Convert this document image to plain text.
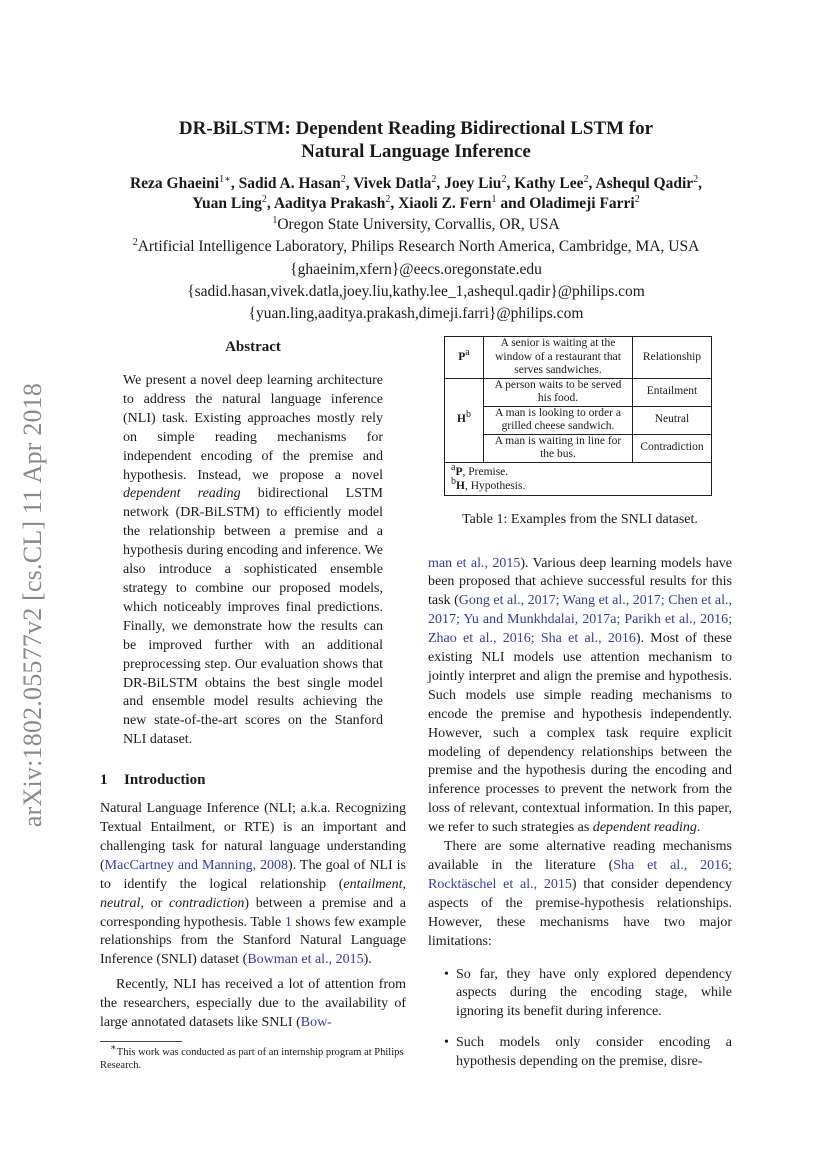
arXiv:1802.05577v2 [cs.CL] 11 Apr 2018
DR-BiLSTM: Dependent Reading Bidirectional LSTM for
Natural Language Inference
Reza Ghaeini$^{1∗}$, Sadid A. Hasan$^2$, Vivek Datla$^2$, Joey Liu$^2$, Kathy Lee$^2$, Ashequl Qadir$^2$,
Yuan Ling$^2$, Aaditya Prakash$^2$, Xiaoli Z. Fern$^1$ and Oladimeji Farri$^2$
$^1$Oregon State University, Corvallis, OR, USA
$^2$Artificial Intelligence Laboratory, Philips Research North America, Cambridge, MA, USA
{ghaeinim,xfern}@eecs.oregonstate.edu
{sadid.hasan,vivek.datla,joey.liu,kathy.lee_1,ashequl.qadir}@philips.com
{yuan.ling,aaditya.prakash,dimeji.farri}@philips.com
Abstract
We present a novel deep learning architecture to address the natural language inference (NLI) task. Existing approaches mostly rely on simple reading mechanisms for independent encoding of the premise and hypothesis. Instead, we propose a novel dependent reading bidirectional LSTM network (DR-BiLSTM) to efficiently model the relationship between a premise and a hypothesis during encoding and inference. We also introduce a sophisticated ensemble strategy to combine our proposed models, which noticeably improves final predictions. Finally, we demonstrate how the results can be improved further with an additional preprocessing step. Our evaluation shows that DR-BiLSTM obtains the best single model and ensemble model results achieving the new state-of-the-art scores on the Stanford NLI dataset.
1 Introduction

Natural Language Inference (NLI; a.k.a. Recognizing Textual Entailment, or RTE) is an important and challenging task for natural language understanding (MacCartney and Manning, 2008). The goal of NLI is to identify the logical relationship (entailment, neutral, or contradiction) between a premise and a corresponding hypothesis. Table 1 shows few example relationships from the Stanford Natural Language Inference (SNLI) dataset (Bowman et al., 2015).

Recently, NLI has received a lot of attention from the researchers, especially due to the availability of large annotated datasets like SNLI (Bow-

∗This work was conducted as part of an internship program at Philips Research.
$P^a$	A senior is waiting at the window of a restaurant that serves sandwiches.	Relationship
$H^b$	A person waits to be served his food.	Entailment
	A man is looking to order a grilled cheese sandwich.	Neutral
	A man is waiting in line for the bus.	Contradiction

$^a$P, Premise.
$^b$H, Hypothesis.		
Table 1: Examples from the SNLI dataset.

man et al., 2015). Various deep learning models have been proposed that achieve successful results for this task (Gong et al., 2017; Wang et al., 2017; Chen et al., 2017; Yu and Munkhdalai, 2017a; Parikh et al., 2016; Zhao et al., 2016; Sha et al., 2016). Most of these existing NLI models use attention mechanism to jointly interpret and align the premise and hypothesis. Such models use simple reading mechanisms to encode the premise and hypothesis independently. However, such a complex task require explicit modeling of dependency relationships between the premise and the hypothesis during the encoding and inference processes to prevent the network from the loss of relevant, contextual information. In this paper, we refer to such strategies as dependent reading.

There are some alternative reading mechanisms available in the literature (Sha et al., 2016; Rocktäschel et al., 2015) that consider dependency aspects of the premise-hypothesis relationships. However, these mechanisms have two major limitations:

• So far, they have only explored dependency aspects during the encoding stage, while ignoring its benefit during inference.
• Such models only consider encoding a hypothesis depending on the premise, disre-
